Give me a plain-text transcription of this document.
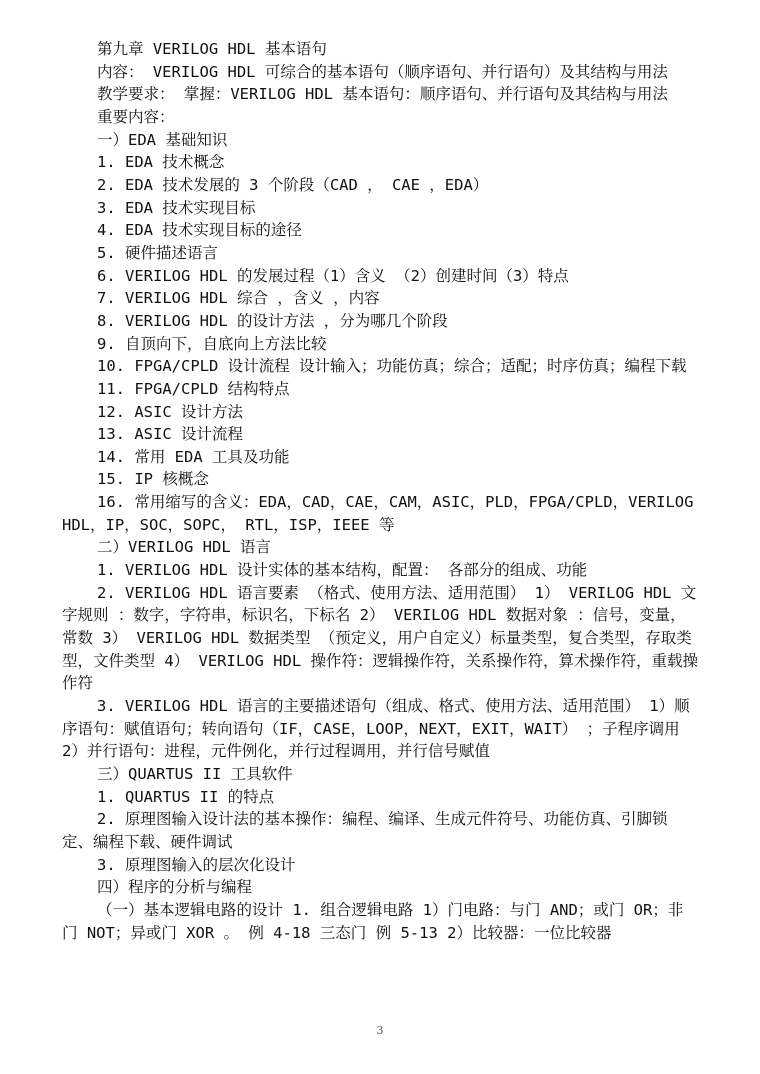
第九章 VERILOG HDL 基本语句

内容： VERILOG HDL 可综合的基本语句（顺序语句、并行语句）及其结构与用法

教学要求： 掌握：VERILOG HDL 基本语句：顺序语句、并行语句及其结构与用法

重要内容：

一）EDA 基础知识

1. EDA 技术概念

2. EDA 技术发展的 3 个阶段（CAD ， CAE ，EDA）

3. EDA 技术实现目标

4. EDA 技术实现目标的途径

5. 硬件描述语言

6. VERILOG HDL 的发展过程（1）含义 （2）创建时间（3）特点

7. VERILOG HDL 综合 ，含义 ，内容

8. VERILOG HDL 的设计方法 ，分为哪几个阶段

9. 自顶向下，自底向上方法比较

10. FPGA/CPLD 设计流程 设计输入；功能仿真；综合；适配；时序仿真；编程下载

11. FPGA/CPLD 结构特点

12. ASIC 设计方法

13. ASIC 设计流程

14. 常用 EDA 工具及功能

15. IP 核概念

16. 常用缩写的含义：EDA，CAD，CAE，CAM，ASIC，PLD，FPGA/CPLD，VERILOG HDL，IP，SOC，SOPC， RTL，ISP，IEEE 等

二）VERILOG HDL 语言

1. VERILOG HDL 设计实体的基本结构，配置： 各部分的组成、功能

2. VERILOG HDL 语言要素 （格式、使用方法、适用范围） 1） VERILOG HDL 文字规则 ：数字，字符串，标识名，下标名 2） VERILOG HDL 数据对象 ：信号，变量，常数 3） VERILOG HDL 数据类型 （预定义，用户自定义）标量类型，复合类型，存取类型，文件类型 4） VERILOG HDL 操作符：逻辑操作符，关系操作符，算术操作符，重载操作符

3. VERILOG HDL 语言的主要描述语句（组成、格式、使用方法、适用范围） 1）顺序语句：赋值语句；转向语句（IF，CASE，LOOP，NEXT，EXIT，WAIT） ；子程序调用 2）并行语句：进程，元件例化，并行过程调用，并行信号赋值

三）QUARTUS II 工具软件

1. QUARTUS II 的特点

2. 原理图输入设计法的基本操作：编程、编译、生成元件符号、功能仿真、引脚锁定、编程下载、硬件调试

3. 原理图输入的层次化设计

四）程序的分析与编程

（一）基本逻辑电路的设计 1. 组合逻辑电路 1）门电路：与门 AND；或门 OR；非门 NOT；异或门 XOR 。 例 4-18 三态门 例 5-13 2）比较器：一位比较器

3
